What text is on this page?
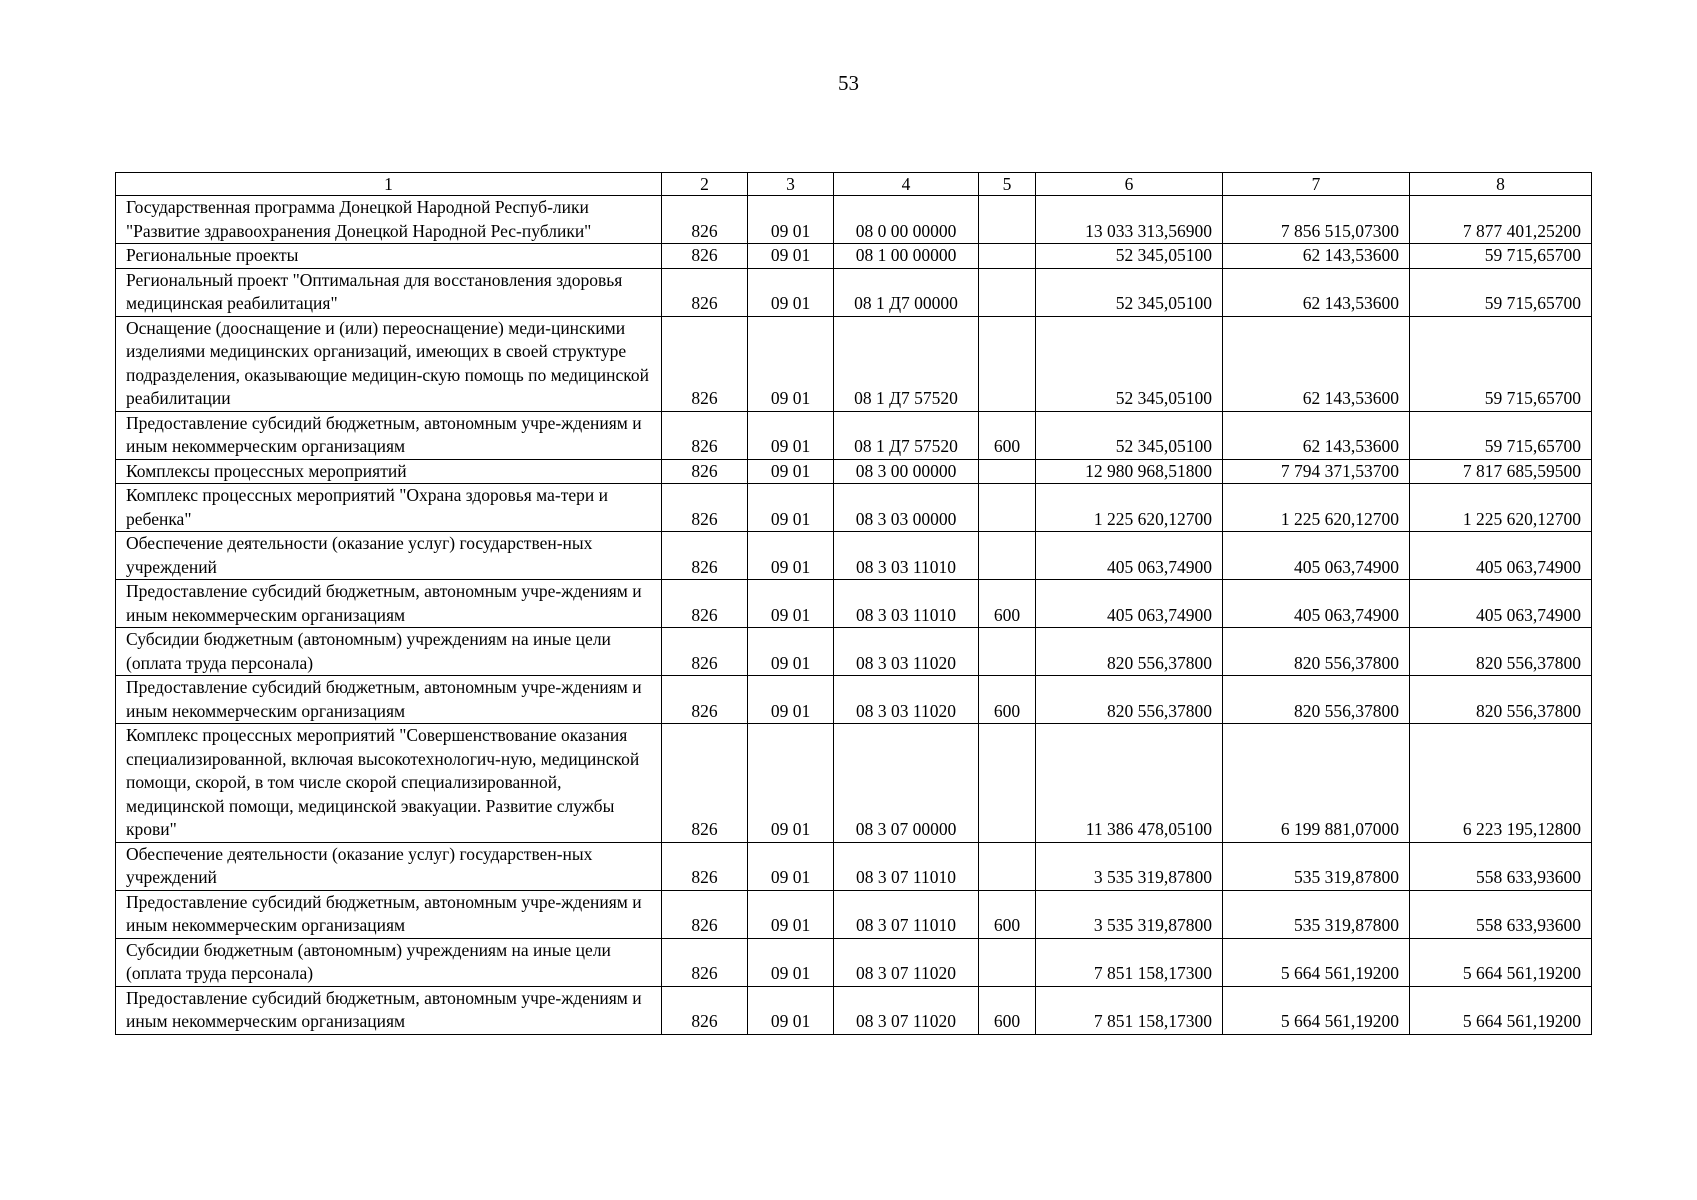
53
1	2	3	4	5	6	7	8
Государственная программа Донецкой Народной Респуб-лики "Развитие здравоохранения Донецкой Народной Рес-публики"	826	09 01	08 0 00 00000		13 033 313,56900	7 856 515,07300	7 877 401,25200
Региональные проекты	826	09 01	08 1 00 00000		52 345,05100	62 143,53600	59 715,65700
Региональный проект "Оптимальная для восстановления здоровья медицинская реабилитация"	826	09 01	08 1 Д7 00000		52 345,05100	62 143,53600	59 715,65700
Оснащение (дооснащение и (или) переоснащение) меди-цинскими изделиями медицинских организаций, имеющих в своей структуре подразделения, оказывающие медицин-скую помощь по медицинской реабилитации	826	09 01	08 1 Д7 57520		52 345,05100	62 143,53600	59 715,65700
Предоставление субсидий бюджетным, автономным учре-ждениям и иным некоммерческим организациям	826	09 01	08 1 Д7 57520	600	52 345,05100	62 143,53600	59 715,65700
Комплексы процессных мероприятий	826	09 01	08 3 00 00000		12 980 968,51800	7 794 371,53700	7 817 685,59500
Комплекс процессных мероприятий "Охрана здоровья ма-тери и ребенка"	826	09 01	08 3 03 00000		1 225 620,12700	1 225 620,12700	1 225 620,12700
Обеспечение деятельности (оказание услуг) государствен-ных учреждений	826	09 01	08 3 03 11010		405 063,74900	405 063,74900	405 063,74900
Предоставление субсидий бюджетным, автономным учре-ждениям и иным некоммерческим организациям	826	09 01	08 3 03 11010	600	405 063,74900	405 063,74900	405 063,74900
Субсидии бюджетным (автономным) учреждениям на иные цели (оплата труда персонала)	826	09 01	08 3 03 11020		820 556,37800	820 556,37800	820 556,37800
Предоставление субсидий бюджетным, автономным учре-ждениям и иным некоммерческим организациям	826	09 01	08 3 03 11020	600	820 556,37800	820 556,37800	820 556,37800
Комплекс процессных мероприятий "Совершенствование оказания специализированной, включая высокотехнологич-ную, медицинской помощи, скорой, в том числе скорой специализированной, медицинской помощи, медицинской эвакуации. Развитие службы крови"	826	09 01	08 3 07 00000		11 386 478,05100	6 199 881,07000	6 223 195,12800
Обеспечение деятельности (оказание услуг) государствен-ных учреждений	826	09 01	08 3 07 11010		3 535 319,87800	535 319,87800	558 633,93600
Предоставление субсидий бюджетным, автономным учре-ждениям и иным некоммерческим организациям	826	09 01	08 3 07 11010	600	3 535 319,87800	535 319,87800	558 633,93600
Субсидии бюджетным (автономным) учреждениям на иные цели (оплата труда персонала)	826	09 01	08 3 07 11020		7 851 158,17300	5 664 561,19200	5 664 561,19200
Предоставление субсидий бюджетным, автономным учре-ждениям и иным некоммерческим организациям	826	09 01	08 3 07 11020	600	7 851 158,17300	5 664 561,19200	5 664 561,19200
